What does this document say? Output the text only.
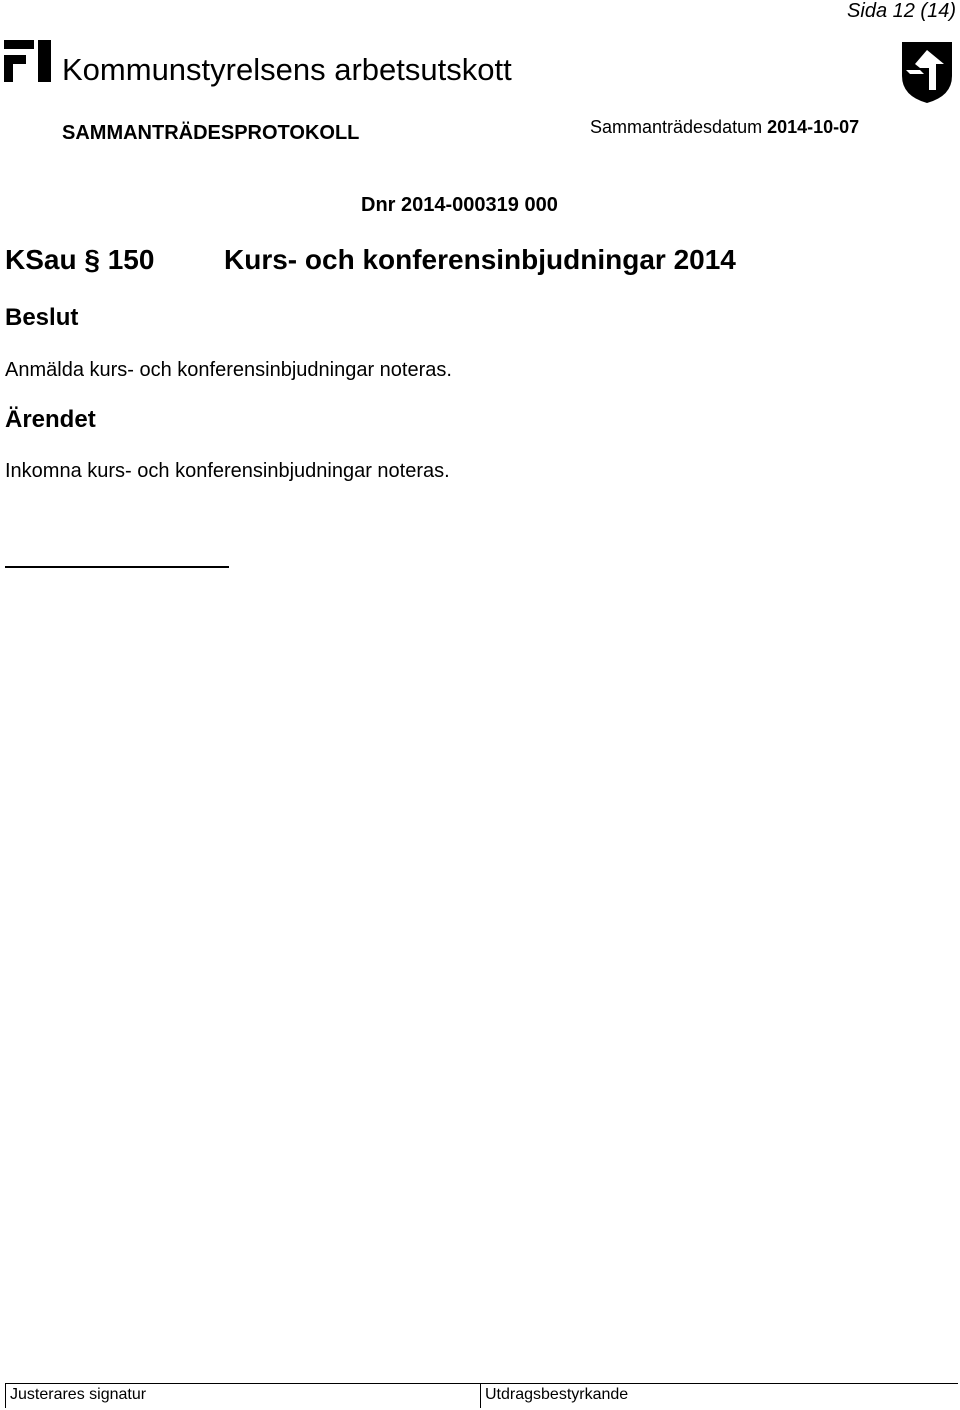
Sida 12 (14)
Kommunstyrelsens arbetsutskott
SAMMANTRÄDESPROTOKOLL	Sammanträdesdatum 2014-10-07
Dnr 2014-000319 000
KSau § 150 Kurs- och konferensinbjudningar 2014
Beslut
Anmälda kurs- och konferensinbjudningar noteras.
Ärendet
Inkomna kurs- och konferensinbjudningar noteras.
Justerares signatur	Utdragsbestyrkande
